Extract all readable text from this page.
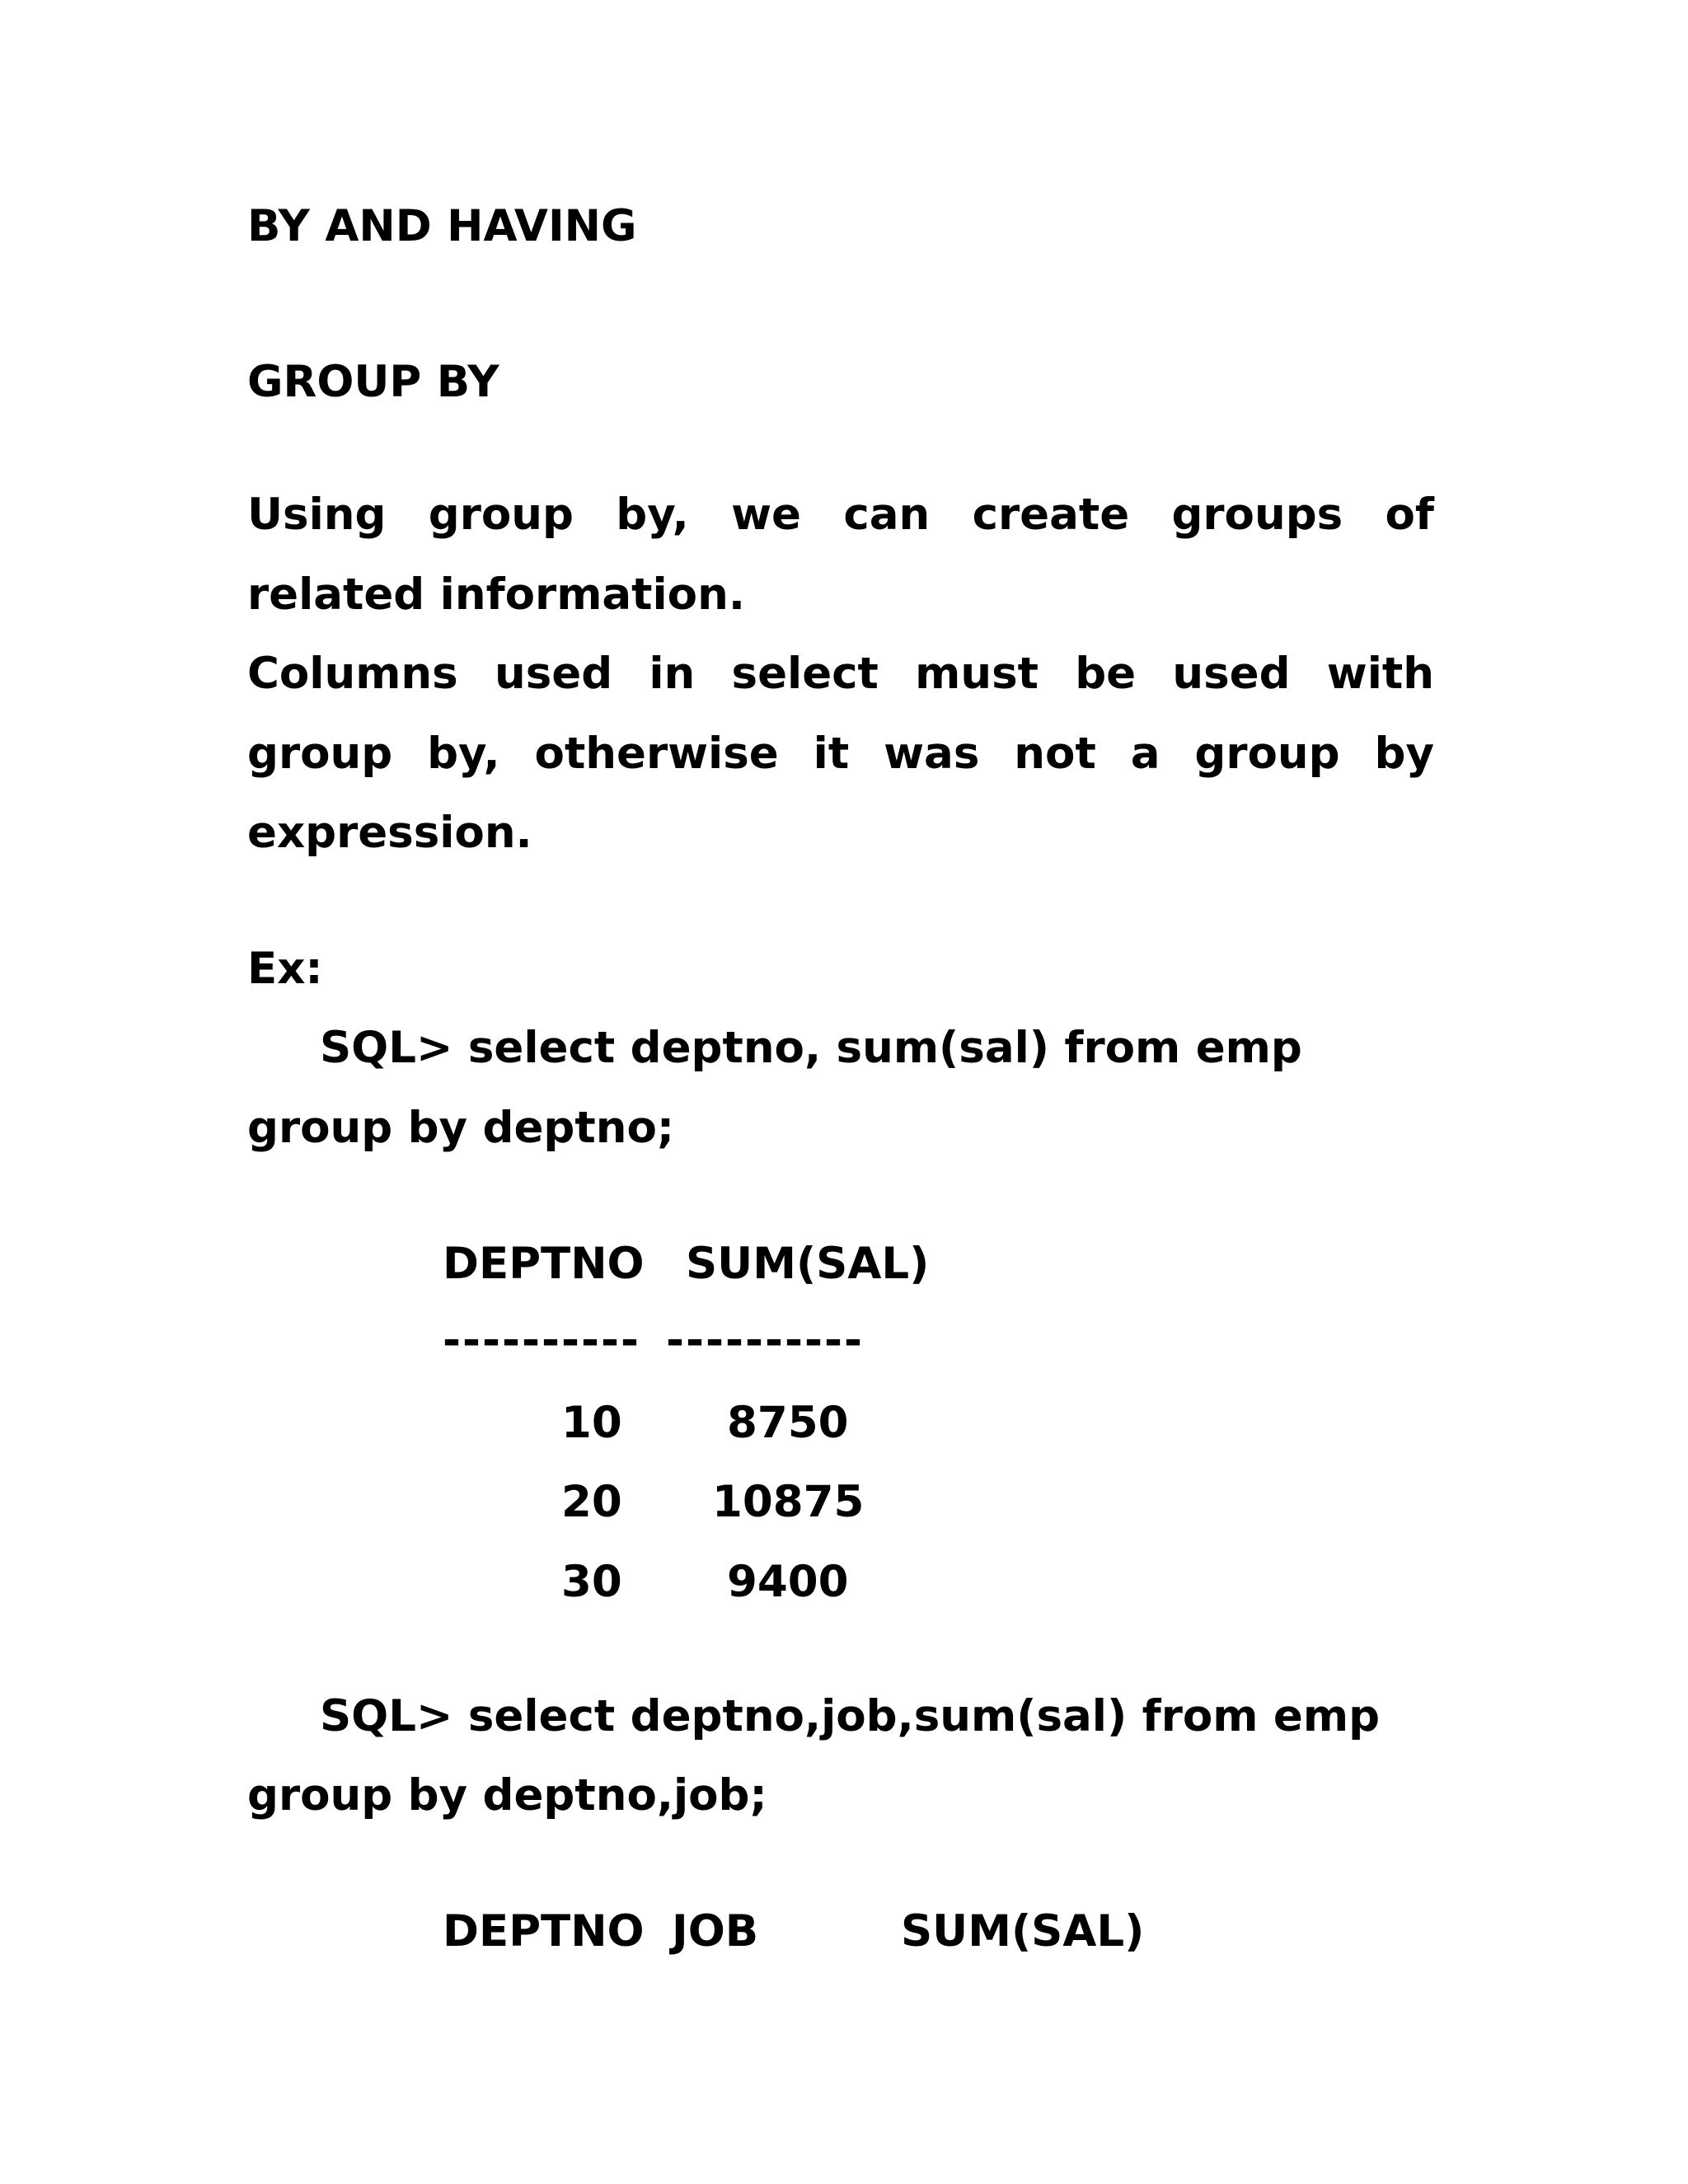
BY AND HAVING

GROUP BY

Using group by, we can create groups of

related information.

Columns used in select must be used with

group by, otherwise it was not a group by

expression.

Ex:

SQL> select deptno, sum(sal) from emp

group by deptno;

DEPTNO SUM(SAL)

---------- ----------

10 8750

20 10875

30 9400

SQL> select deptno,job,sum(sal) from emp

group by deptno,job;

DEPTNO JOB	SUM(SAL)
